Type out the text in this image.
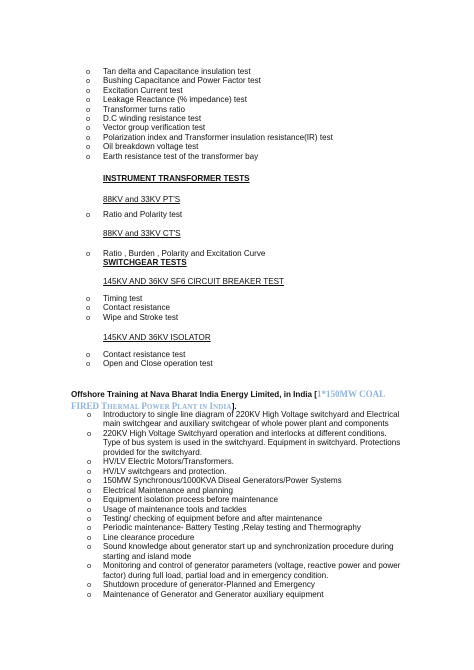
o Tan delta and Capacitance insulation test
o Bushing Capacitance and Power Factor test
o Excitation Current test
o Leakage Reactance (% impedance) test
o Transformer turns ratio
o D.C winding resistance test
o Vector group verification test
o Polarization index and Transformer insulation resistance(IR) test
o Oil breakdown voltage test
o Earth resistance test of the transformer bay
INSTRUMENT TRANSFORMER TESTS
88KV and 33KV PT'S
o Ratio and Polarity test
88KV and 33KV CT'S
o Ratio , Burden , Polarity and Excitation Curve
SWITCHGEAR TESTS
145KV AND 36KV SF6 CIRCUIT BREAKER TEST
o Timing test
o Contact resistance
o Wipe and Stroke test
145KV AND 36KV ISOLATOR
o Contact resistance test
o Open and Close operation test
Offshore Training at Nava Bharat India Energy Limited, in India [1*150MW COAL
FIRED THERMAL POWER PLANT IN INDIA].
o Introductory to single line diagram of 220KV High Voltage switchyard and Electrical main switchgear and auxiliary switchgear of whole power plant and components
o 220KV High Voltage Switchyard operation and interlocks at different conditions. Type of bus system is used in the switchyard. Equipment in switchyard. Protections provided for the switchyard.
o HV/LV Electric Motors/Transformers.
o HV/LV switchgears and protection.
o 150MW Synchronous/1000KVA Diseal Generators/Power Systems
o Electrical Maintenance and planning
o Equipment isolation process before maintenance
o Usage of maintenance tools and tackles
o Testing/ checking of equipment before and after maintenance
o Periodic maintenance- Battery Testing ,Relay testing and Thermography
o Line clearance procedure
o Sound knowledge about generator start up and synchronization procedure during starting and island mode
o Monitoring and control of generator parameters (voltage, reactive power and power factor) during full load, partial load and in emergency condition.
o Shutdown procedure of generator-Planned and Emergency
o Maintenance of Generator and Generator auxiliary equipment
